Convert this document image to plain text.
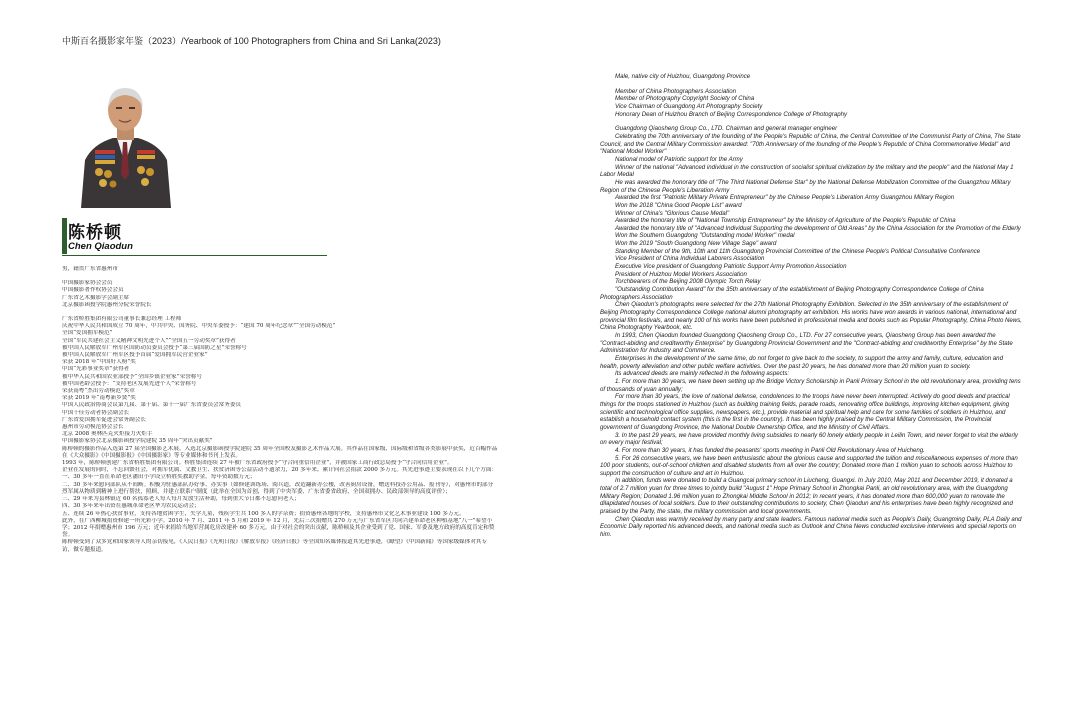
中斯百名摄影家年鉴（2023）/Yearbook of 100 Photographers from China and Sri Lanka(2023)
陈桥顿
Chen Qiaodun

男，籍贯广东省惠州市

中国摄影家协会会员

中国摄影著作权协会会员

广东省艺术摄影学会副主席

北京摄影函授学院惠州分院荣誉院长

广东省桥胜集团有限公司董事长兼总经理 工程师

庆祝中华人民共和国成立 70 周年，中共中央、国务院、中央军委授予：“建国 70 周年纪念章”“全国劳动模范”

全国“爱国拥军模范”

全国“军民共建社会主义精神文明先进个人”“全国五一劳动奖章”获得者

被中国人民解放军广州军区国防动员委员会授予“第三届国防之星”荣誉称号

被中国人民解放军广州军区授予首届“爱国拥军民营企业家”

荣获 2018 年“中国好人榜”奖

中国“光彩事业奖章”获得者

被中华人民共和国农业部授予“全国乡镇企业家”荣誉称号

被中国老龄会授予：“支持老区发展先进个人”荣誉称号

荣获南粤“杰出劳动模范”奖章

荣获 2019 年“南粤新乡贤”奖

中国人民政治协商会议第九届、第十届、第十一届广东省委员会常务委员

中国十佳劳动者协会副会长

广东省爱国拥军促进会常务副会长

惠州市劳动模范协会会长

北京 2008 奥林匹克火炬接力火炬手

中国摄影家协会北京摄影函授学院建院 35 周年“突出贡献奖”

陈桥顿的摄影作品入选第 27 届全国摄影艺术展。入选北京摄影函授学院建院 35 周年全国校友摄影艺术作品大展。其作品在国家级、国际级和省级各类影展中获奖，近百幅作品在《大众摄影》《中国摄影报》《中国摄影家》等专业媒体和书刊上发表。

1993 年，陈桥顿创建广东省桥胜集团有限公司。桥胜集团连续 27 年被广东省政府授予“守合同重信用企业”，并被国家工商行政总局授予“守合同信用企业”。

企业在发展的同时，不忘回馈社会，对拥军优属、文教卫生、扶贫济困等公益活动不遗余力，20 多年来，累计向社会捐款 2000 多万元。其先进事迹主要表现在以下几个方面：

一、30 多年一直在革命老区潘田小学设立桥胜奖教助学金，每年资助数万元；

二、30 多年来慰问部队从不间断。积极为驻惠部队办好事、办实事（如修建训练场、阅兵道，改造翻新办公楼，改善厨房设备，赠送科技办公用品、报刊等），对惠州市的部分烈军属从物质到精神上进行帮扶，照顾，并建立联系户制度（此举在全国为首创，得到了中央军委、广东省委省政府、全国双拥办、民政部领导的高度评价）；

三、29 年来为县林镇近 60 名孤寡老人每人每月发放生活补助，每到重大节日都不忘慰问老人；

四、30 多年来年出资在惠城革命老区华为农民运动会；

五、连续 26 年热心扶贫事业，支持各地贫困学生，失学儿童，残疾学生共 100 多人的学杂费；捐资惠州各地的学校，支持惠州市文化艺术事业建设 100 多万元。

此外，在广西柳城捐资修建一所光彩小学。2010 年 7 月、2011 年 5 月和 2019 年 12 月，先后三次捐赠共 270 万元与广东省军区共同兴建革命老区种植基地“八一”希望小学；2012 年捐赠惠州市 196 万元；近年来捐给当地军营属危房改建补 60 多万元。由于对社会的突出贡献，陈桥顿及其企业受到了党、国家、军委及地方政府的高度肯定和赞誉。

陈桥顿受到了众多党和国家领导人的亲切接见，《人民日报》《光明日报》《解放军报》《经济日报》等全国知名媒体报道其先进事迹，《瞭望》《中国新闻》等国家级媒体对其专访，做专题报道。

Male, native city of Huizhou, Guangdong Province

Member of China Photographers Association

Member of Photography Copyright Society of China

Vice Chairman of Guangdong Art Photography Society

Honorary Dean of Huizhou Branch of Beijing Correspondence College of Photography

Guangdong Qiaosheng Group Co., LTD. Chairman and general manager engineer

Celebrating the 70th anniversary of the founding of the People's Republic of China, the Central Committee of the Communist Party of China, The State Council, and the Central Military Commission awarded: "70th Anniversary of the founding of the People's Republic of China Commemorative Medal" and "National Model Worker"

National model of Patriotic support for the Army

Winner of the national "Advanced individual in the construction of socialist spiritual civilization by the military and the people" and the National May 1 Labor Medal

He was awarded the honorary title of "The Third National Defense Star" by the National Defense Mobilization Committee of the Guangzhou Military Region of the Chinese People's Liberation Army

Awarded the first "Patriotic Military Private Entrepreneur" by the Chinese People's Liberation Army Guangzhou Military Region

Won the 2018 "China Good People List" award

Winner of China's "Glorious Cause Medal"

Awarded the honorary title of "National Township Entrepreneur" by the Ministry of Agriculture of the People's Republic of China

Awarded the honorary title of "Advanced Individual Supporting the development of Old Areas" by the China Association for the Promotion of the Elderly

Won the Southern Guangdong "Outstanding model Worker" medal

Won the 2019 "South Guangdong New Village Sage" award

Standing Member of the 9th, 10th and 11th Guangdong Provincial Committee of the Chinese People's Political Consultative Conference

Vice President of China Individual Laborers Association

Executive Vice president of Guangdong Patriotic Support Army Promotion Association

President of Huizhou Model Workers Association

Torchbearers of the Beijing 2008 Olympic Torch Relay

"Outstanding Contribution Award" for the 35th anniversary of the establishment of Beijing Photography Correspondence College of China Photographers Association

Chen Qiaodun's photographs were selected for the 27th National Photography Exhibition. Selected in the 35th anniversary of the establishment of Beijing Photography Correspondence College national alumni photography art exhibition. His works have won awards in various national, international and provincial film festivals, and nearly 100 of his works have been published in professional media and books such as Popular Photography, China Photo News, China Photography Yearbook, etc.

In 1993, Chen Qiaodun founded Guangdong Qiaosheng Group Co., LTD. For 27 consecutive years, Qiaosheng Group has been awarded the "Contract-abiding and creditworthy Enterprise" by Guangdong Provincial Government and the "Contract-abiding and creditworthy Enterprise" by the State Administration for Industry and Commerce.

Enterprises in the development of the same time, do not forget to give back to the society, to support the army and family, culture, education and health, poverty alleviation and other public welfare activities. Over the past 20 years, he has donated more than 20 million yuan to society.

Its advanced deeds are mainly reflected in the following aspects:

1. For more than 30 years, we have been setting up the Bridge Victory Scholarship in Panli Primary School in the old revolutionary area, providing tens of thousands of yuan annually;

For more than 30 years, the love of national defense, condolences to the troops have never been interrupted. Actively do good deeds and practical things for the troops stationed in Huizhou (such as building training fields, parade roads, renovating office buildings, improving kitchen equipment, giving scientific and technological office supplies, newspapers, etc.), provide material and spiritual help and care for some families of soldiers in Huizhou, and establish a household contact system (this is the first in the country). It has been highly praised by the Central Military Commission, the Provincial government of Guangdong Province, the National Double Ownership Office, and the Ministry of Civil Affairs.

3. In the past 29 years, we have provided monthly living subsidies to nearly 60 lonely elderly people in Leilin Town, and never forget to visit the elderly on every major festival;

4. For more than 30 years, it has funded the peasants' sports meeting in Panli Old Revolutionary Area of Huicheng.

5. For 26 consecutive years, we have been enthusiastic about the glorious cause and supported the tuition and miscellaneous expenses of more than 100 poor students, out-of-school children and disabled students from all over the country; Donated more than 1 million yuan to schools across Huizhou to support the construction of culture and art in Huizhou.

In addition, funds were donated to build a Guangcai primary school in Liucheng, Guangxi. In July 2010, May 2011 and December 2019, it donated a total of 2.7 million yuan for three times to jointly build "August 1" Hope Primary School in Zhongkai Panli, an old revolutionary area, with the Guangdong Military Region; Donated 1.96 million yuan to Zhongkai Middle School in 2012; In recent years, it has donated more than 600,000 yuan to renovate the dilapidated houses of local soldiers. Due to their outstanding contributions to society, Chen Qiaodun and his enterprises have been highly recognized and praised by the Party, the state, the military commission and local governments.

Chen Qiaodun was warmly received by many party and state leaders. Famous national media such as People's Daily, Guangming Daily, PLA Daily and Economic Daily reported his advanced deeds, and national media such as Outlook and China News conducted exclusive interviews and special reports on him.
